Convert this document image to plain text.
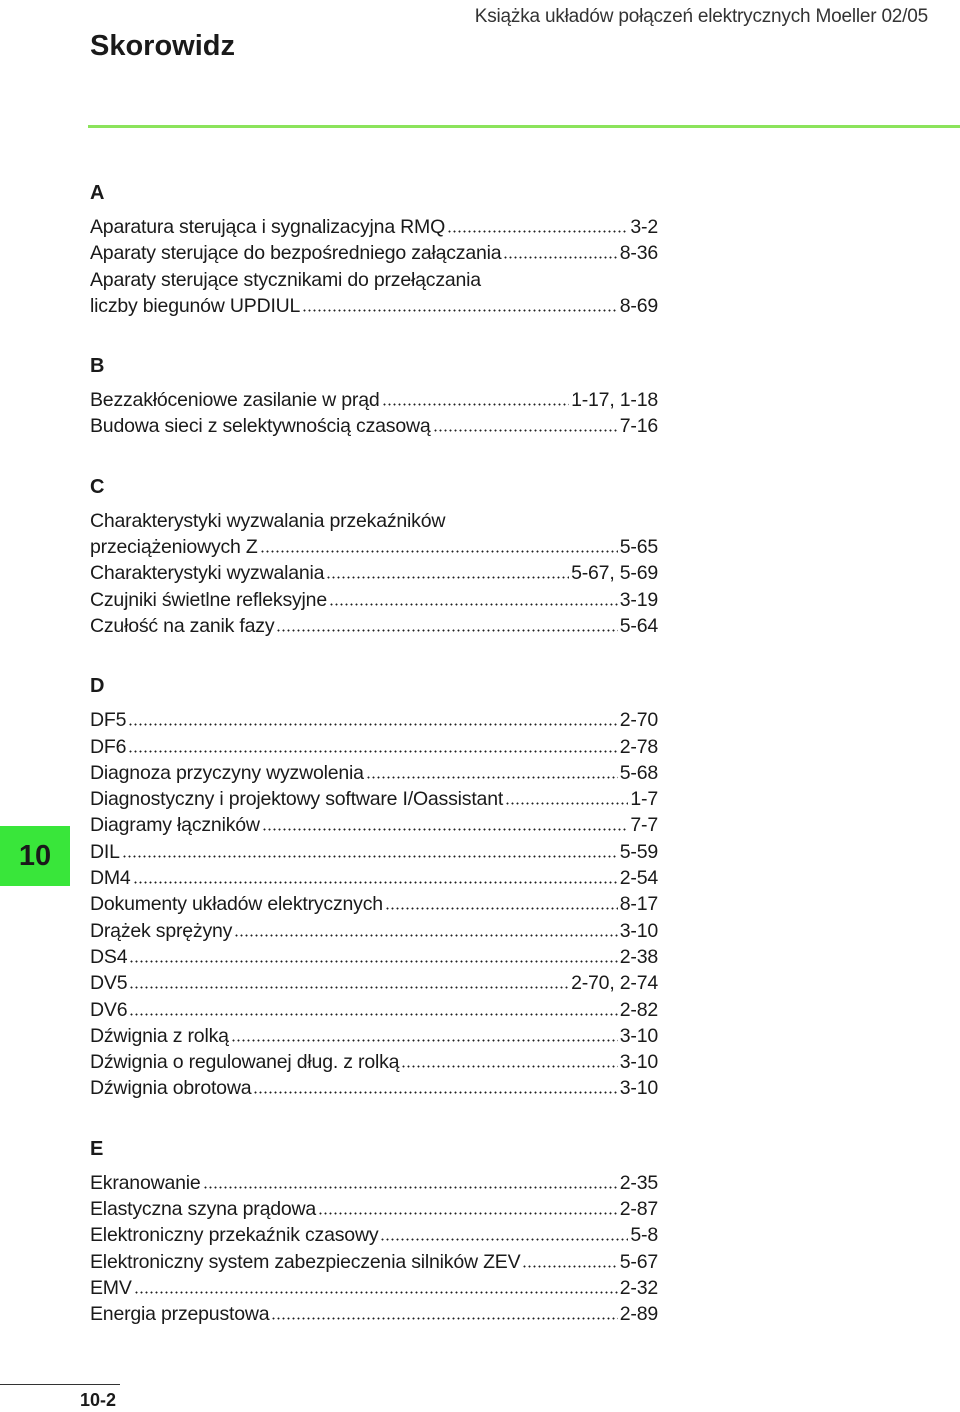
Książka układów połączeń elektrycznych Moeller 02/05

Skorowidz
A
Aparatura sterująca i sygnalizacyjna RMQ	3-2
Aparaty sterujące do bezpośredniego załączania	8-36
Aparaty sterujące stycznikami do przełączania
liczby biegunów UPDIUL	8-69
B
Bezzakłóceniowe zasilanie w prąd	1-17, 1-18
Budowa sieci z selektywnością czasową	7-16
C
Charakterystyki wyzwalania przekaźników
przeciążeniowych Z	5-65
Charakterystyki wyzwalania	5-67, 5-69
Czujniki świetlne refleksyjne	3-19
Czułość na zanik fazy	5-64
D
DF5	2-70
DF6	2-78
Diagnoza przyczyny wyzwolenia	5-68
Diagnostyczny i projektowy software I/Oassistant	1-7
Diagramy łączników	7-7
DIL	5-59
DM4	2-54
Dokumenty układów elektrycznych	8-17
Drążek sprężyny	3-10
DS4	2-38
DV5	2-70, 2-74
DV6	2-82
Dźwignia z rolką	3-10
Dźwignia o regulowanej dług. z rolką	3-10
Dźwignia obrotowa	3-10
E
Ekranowanie	2-35
Elastyczna szyna prądowa	2-87
Elektroniczny przekaźnik czasowy	5-8
Elektroniczny system zabezpieczenia silników ZEV	5-67
EMV	2-32
Energia przepustowa	2-89
10

10-2
